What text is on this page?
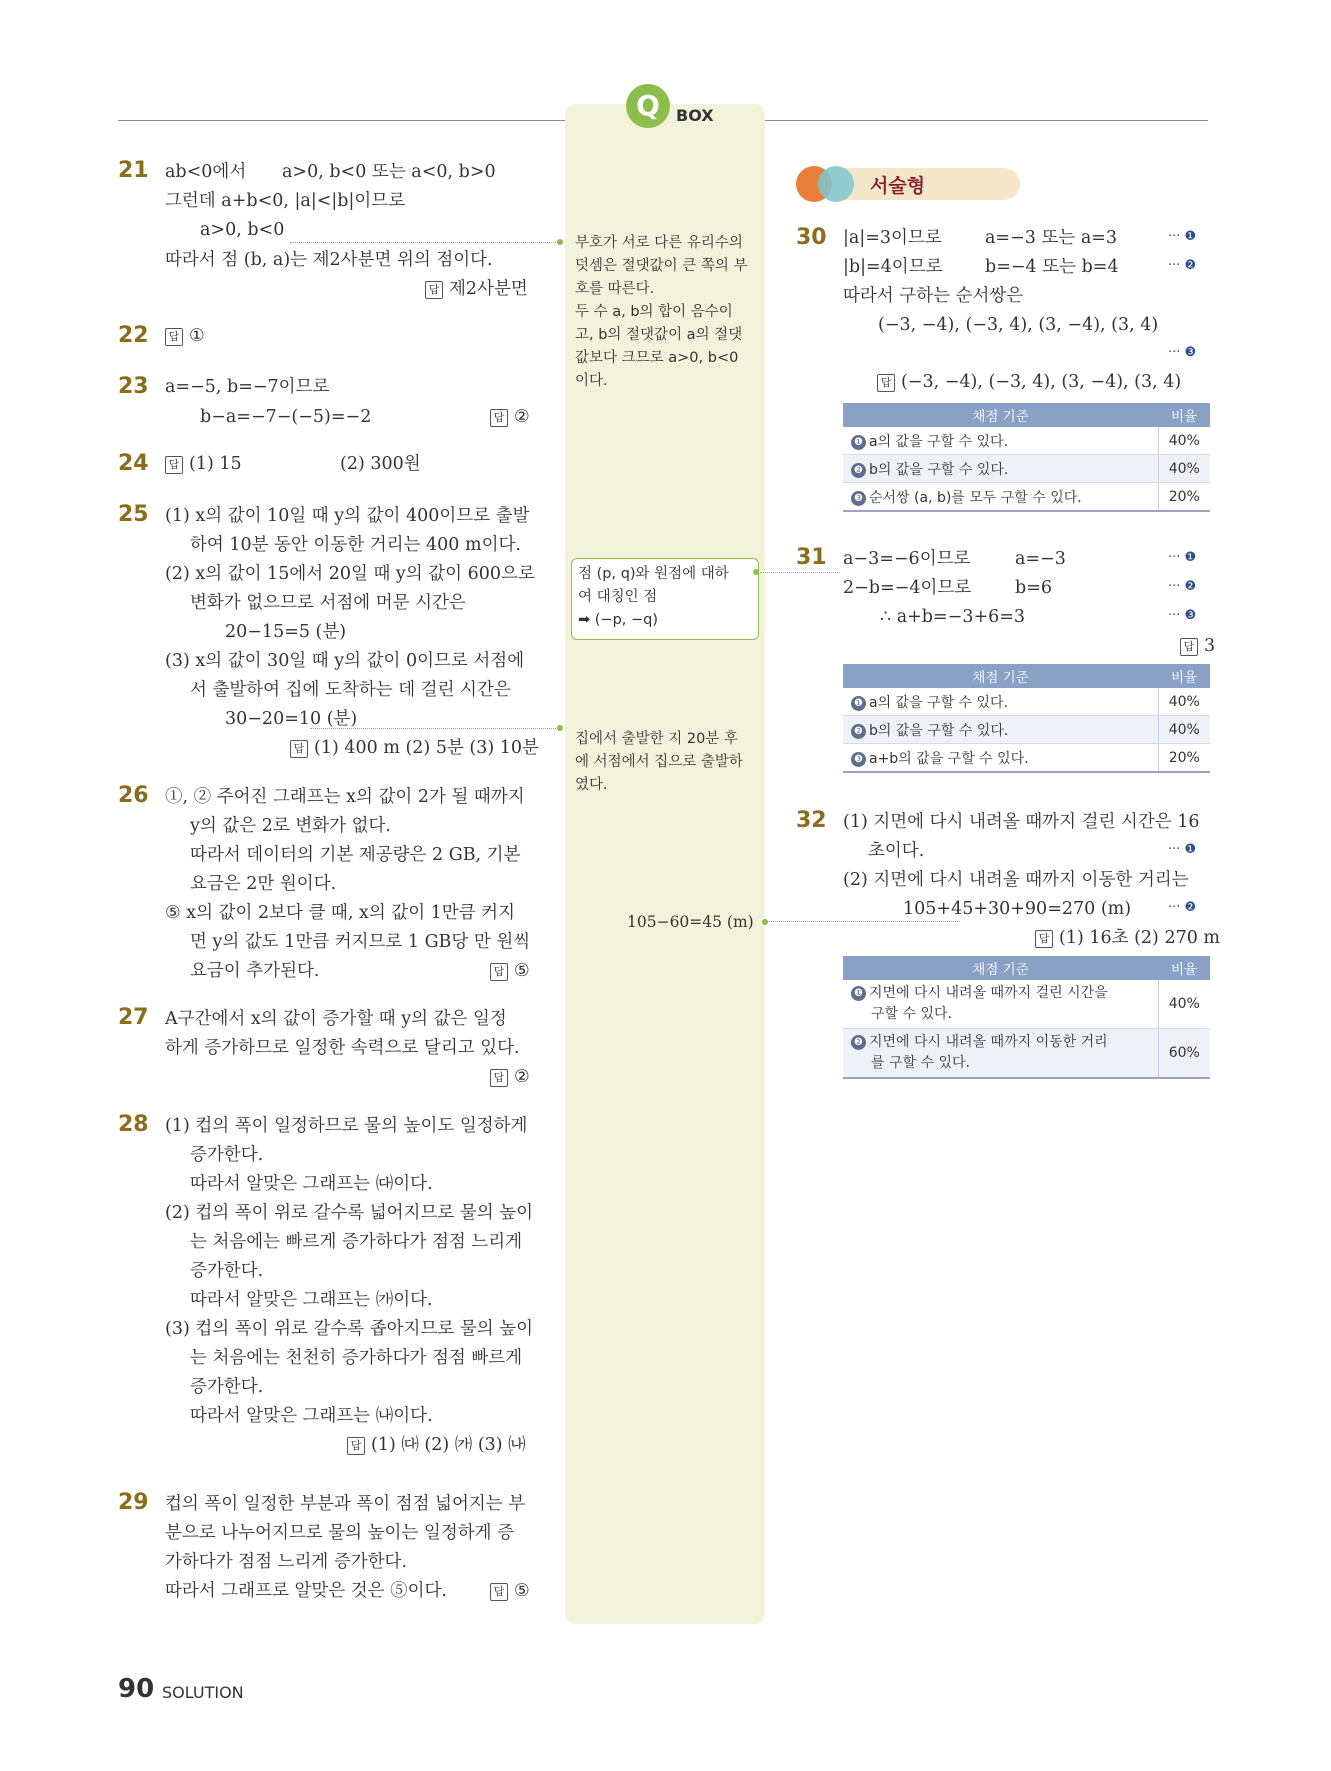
Q	BOX
21 ab<0에서 a>0, b<0 또는 a<0, b>0
그런데 a+b<0, |a|<|b|이므로
a>0, b<0
따라서 점 (b, a)는 제2사분면 위의 점이다.
답 제2사분면
22	답 ①
23 a=−5, b=−7이므로
b−a=−7−(−5)=−2	답 ②
24	답 (1) 15	(2) 300원
25 (1) x의 값이 10일 때 y의 값이 400이므로 출발
하여 10분 동안 이동한 거리는 400 m이다.
(2) x의 값이 15에서 20일 때 y의 값이 600으로
변화가 없으므로 서점에 머문 시간은
20−15=5 (분)
(3) x의 값이 30일 때 y의 값이 0이므로 서점에
서 출발하여 집에 도착하는 데 걸린 시간은
30−20=10 (분)
답 (1) 400 m (2) 5분 (3) 10분
26 ①, ② 주어진 그래프는 x의 값이 2가 될 때까지
y의 값은 2로 변화가 없다.
따라서 데이터의 기본 제공량은 2 GB, 기본
요금은 2만 원이다.
⑤ x의 값이 2보다 클 때, x의 값이 1만큼 커지
면 y의 값도 1만큼 커지므로 1 GB당 만 원씩
요금이 추가된다.	답 ⑤
27 A구간에서 x의 값이 증가할 때 y의 값은 일정
하게 증가하므로 일정한 속력으로 달리고 있다.
답 ②
28 (1) 컵의 폭이 일정하므로 물의 높이도 일정하게
증가한다.
따라서 알맞은 그래프는 ㈐이다.
(2) 컵의 폭이 위로 갈수록 넓어지므로 물의 높이
는 처음에는 빠르게 증가하다가 점점 느리게
증가한다.
따라서 알맞은 그래프는 ㈎이다.
(3) 컵의 폭이 위로 갈수록 좁아지므로 물의 높이
는 처음에는 천천히 증가하다가 점점 빠르게
증가한다.
따라서 알맞은 그래프는 ㈏이다.
답 (1) ㈐ (2) ㈎ (3) ㈏
29 컵의 폭이 일정한 부분과 폭이 점점 넓어지는 부
분으로 나누어지므로 물의 높이는 일정하게 증
가하다가 점점 느리게 증가한다.
따라서 그래프로 알맞은 것은 ⑤이다.	답 ⑤
부호가 서로 다른 유리수의
덧셈은 절댓값이 큰 쪽의 부
호를 따른다.
두 수 a, b의 합이 음수이
고, b의 절댓값이 a의 절댓
값보다 크므로 a>0, b<0
이다.
점 (p, q)와 원점에 대하
여 대칭인 점
➡ (−p, −q)
집에서 출발한 지 20분 후
에 서점에서 집으로 출발하
였다.
105−60=45 (m)
서술형
30 |a|=3이므로 a=−3 또는 a=3	··· ❶
|b|=4이므로 b=−4 또는 b=4	··· ❷
따라서 구하는 순서쌍은
(−3, −4), (−3, 4), (3, −4), (3, 4)
··· ❸
답 (−3, −4), (−3, 4), (3, −4), (3, 4)
채점 기준	비율
❶ a의 값을 구할 수 있다.	40%
❷ b의 값을 구할 수 있다.	40%
❸ 순서쌍 (a, b)를 모두 구할 수 있다.	20%
31 a−3=−6이므로	a=−3	··· ❶
2−b=−4이므로	b=6	··· ❷
∴ a+b=−3+6=3	··· ❸
답 3
채점 기준	비율
❶ a의 값을 구할 수 있다.	40%
❷ b의 값을 구할 수 있다.	40%
❸ a+b의 값을 구할 수 있다.	20%
32 (1) 지면에 다시 내려올 때까지 걸린 시간은 16
초이다.	··· ❶
(2) 지면에 다시 내려올 때까지 이동한 거리는
105+45+30+90=270 (m)	··· ❷
답 (1) 16초 (2) 270 m
채점 기준	비율
❶ 지면에 다시 내려올 때까지 걸린 시간을
구할 수 있다.	40%
❷ 지면에 다시 내려올 때까지 이동한 거리
를 구할 수 있다.	60%
90 SOLUTION
